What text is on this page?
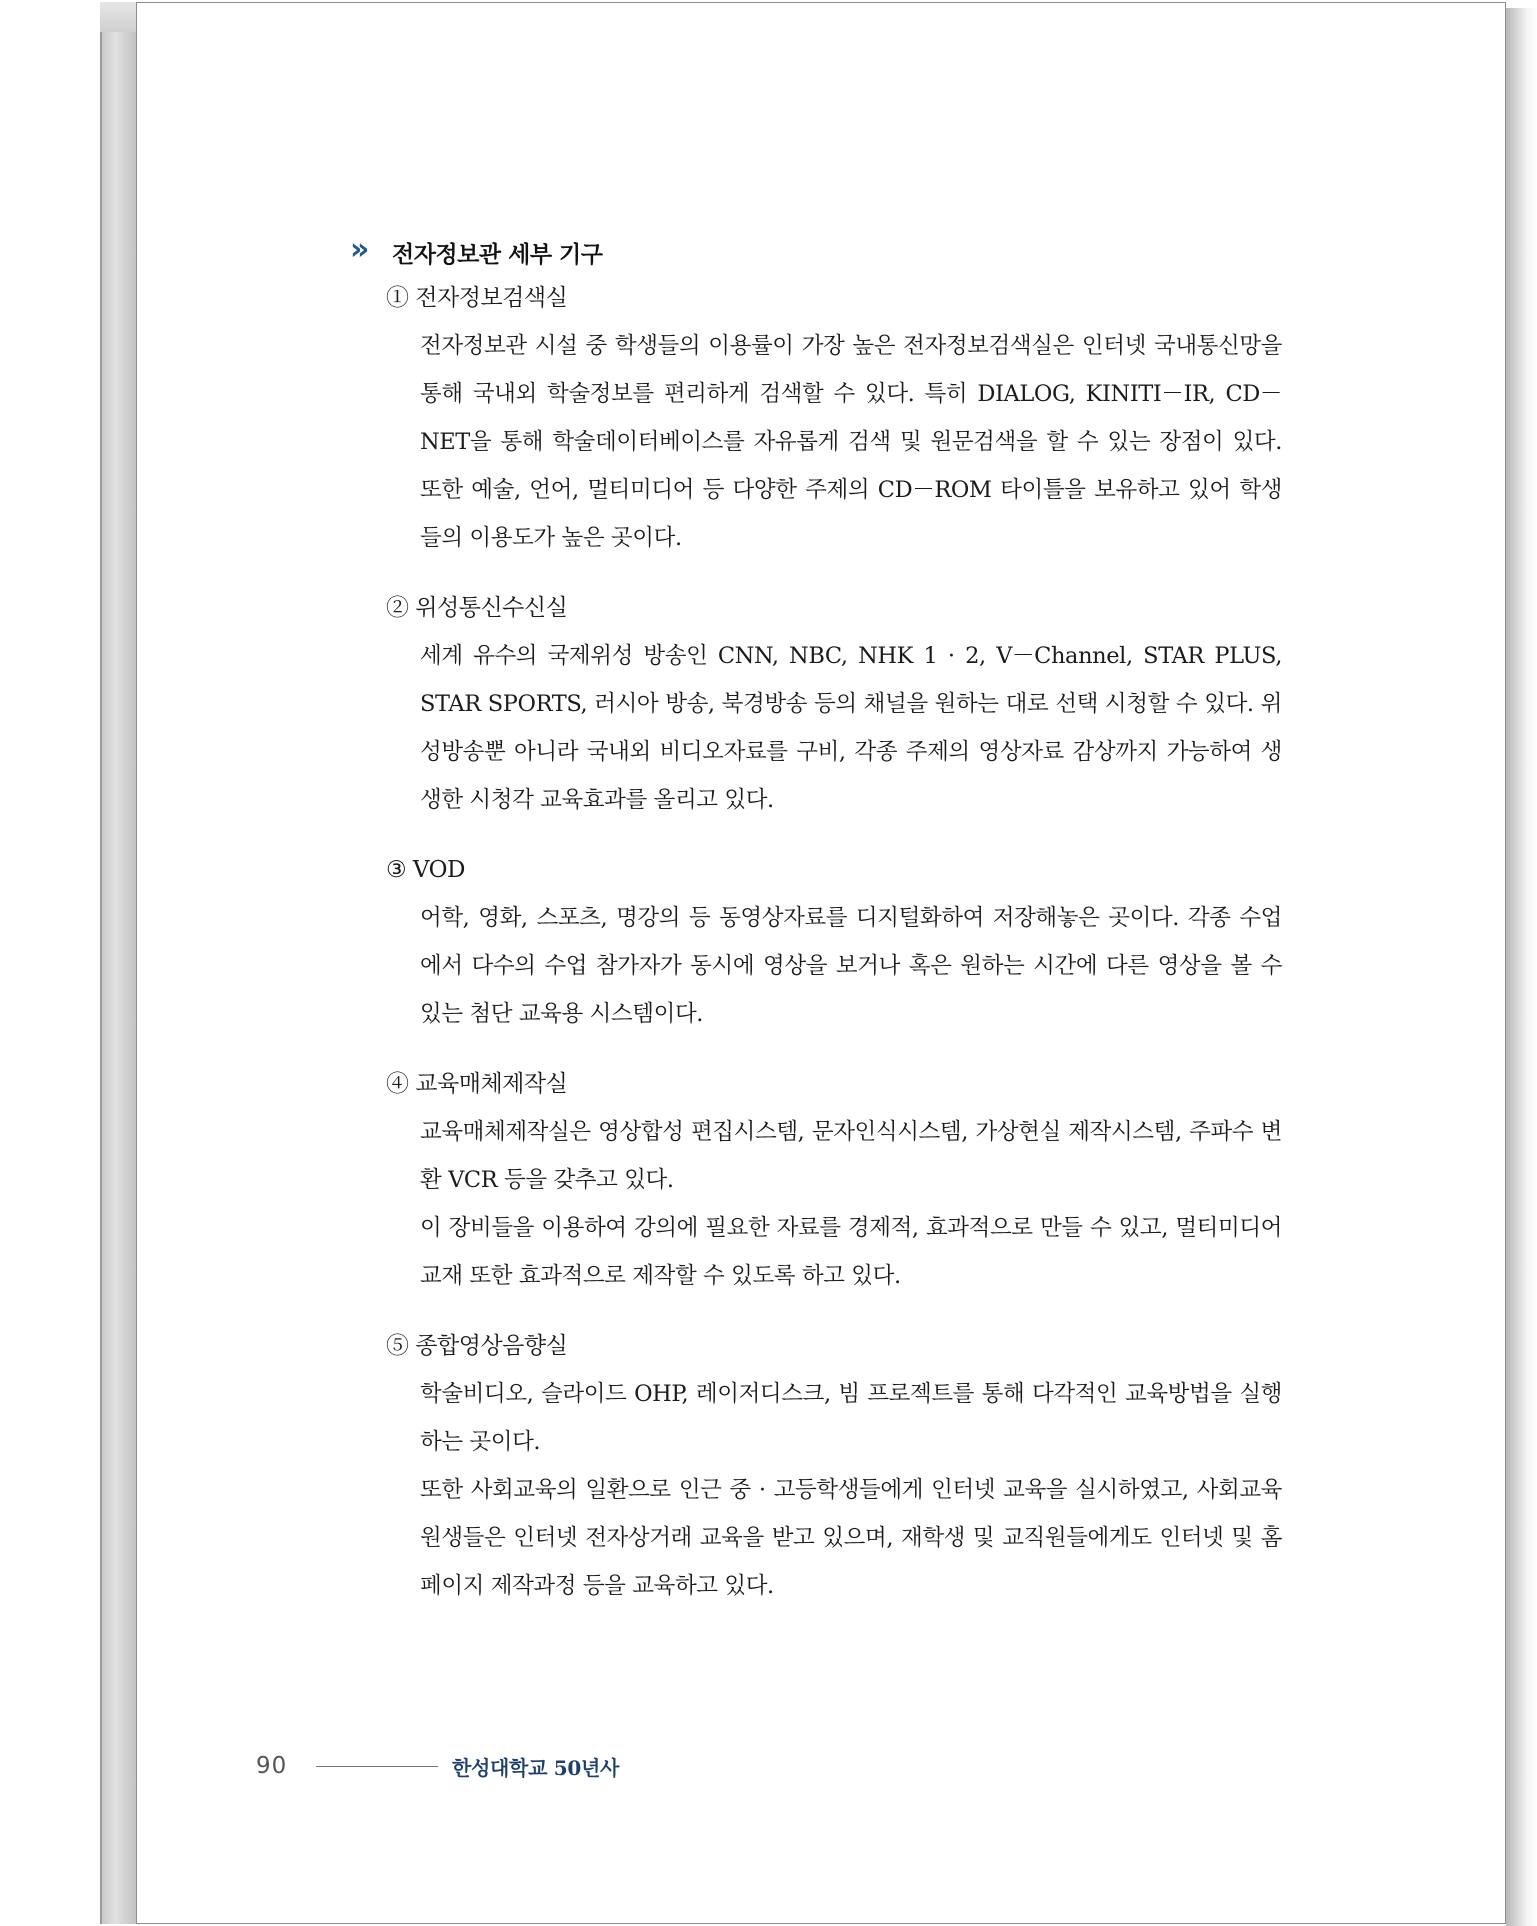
» 전자정보관 세부 기구
① 전자정보검색실

전자정보관 시설 중 학생들의 이용률이 가장 높은 전자정보검색실은 인터넷 국내통신망을 통해 국내외 학술정보를 편리하게 검색할 수 있다. 특히 DIALOG, KINITI－IR, CD－NET을 통해 학술데이터베이스를 자유롭게 검색 및 원문검색을 할 수 있는 장점이 있다. 또한 예술, 언어, 멀티미디어 등 다양한 주제의 CD－ROM 타이틀을 보유하고 있어 학생들의 이용도가 높은 곳이다.

② 위성통신수신실

세계 유수의 국제위성 방송인 CNN, NBC, NHK 1 · 2, V－Channel, STAR PLUS, STAR SPORTS, 러시아 방송, 북경방송 등의 채널을 원하는 대로 선택 시청할 수 있다. 위성방송뿐 아니라 국내외 비디오자료를 구비, 각종 주제의 영상자료 감상까지 가능하여 생생한 시청각 교육효과를 올리고 있다.

③ VOD

어학, 영화, 스포츠, 명강의 등 동영상자료를 디지털화하여 저장해놓은 곳이다. 각종 수업에서 다수의 수업 참가자가 동시에 영상을 보거나 혹은 원하는 시간에 다른 영상을 볼 수 있는 첨단 교육용 시스템이다.

④ 교육매체제작실

교육매체제작실은 영상합성 편집시스템, 문자인식시스템, 가상현실 제작시스템, 주파수 변환 VCR 등을 갖추고 있다.

이 장비들을 이용하여 강의에 필요한 자료를 경제적, 효과적으로 만들 수 있고, 멀티미디어 교재 또한 효과적으로 제작할 수 있도록 하고 있다.

⑤ 종합영상음향실

학술비디오, 슬라이드 OHP, 레이저디스크, 빔 프로젝트를 통해 다각적인 교육방법을 실행하는 곳이다.

또한 사회교육의 일환으로 인근 중 · 고등학생들에게 인터넷 교육을 실시하였고, 사회교육원생들은 인터넷 전자상거래 교육을 받고 있으며, 재학생 및 교직원들에게도 인터넷 및 홈페이지 제작과정 등을 교육하고 있다.

90	한성대학교 50년사
